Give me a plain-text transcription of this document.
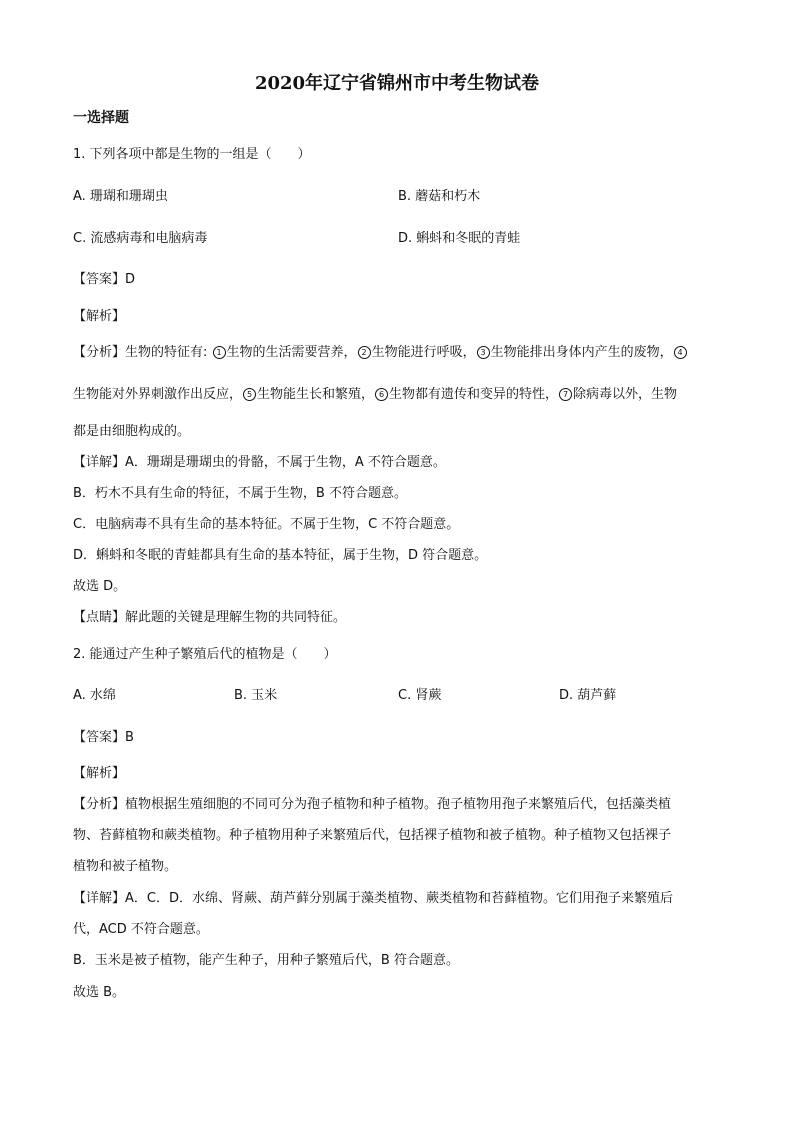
2020年辽宁省锦州市中考生物试卷
一选择题
1. 下列各项中都是生物的一组是（　　）
A. 珊瑚和珊瑚虫	B. 蘑菇和朽木
C. 流感病毒和电脑病毒	D. 蝌蚪和冬眠的青蛙
【答案】D
【解析】
【分析】生物的特征有: 1 生物的生活需要营养， 2 生物能进行呼吸， 3 生物能排出身体内产生的废物， 4
生物能对外界刺激作出反应， 5 生物能生长和繁殖， 6 生物都有遗传和变异的特性， 7 除病毒以外，生物
都是由细胞构成的。
【详解】A．珊瑚是珊瑚虫的骨骼，不属于生物，A 不符合题意。
B．朽木不具有生命的特征，不属于生物，B 不符合题意。
C．电脑病毒不具有生命的基本特征。不属于生物，C 不符合题意。
D．蝌蚪和冬眠的青蛙都具有生命的基本特征，属于生物，D 符合题意。
故选 D。
【点睛】解此题的关键是理解生物的共同特征。
2. 能通过产生种子繁殖后代的植物是（　　）
A. 水绵	B. 玉米	C. 肾蕨	D. 葫芦藓
【答案】B
【解析】
【分析】植物根据生殖细胞的不同可分为孢子植物和种子植物。孢子植物用孢子来繁殖后代，包括藻类植
物、苔藓植物和蕨类植物。种子植物用种子来繁殖后代，包括裸子植物和被子植物。种子植物又包括裸子
植物和被子植物。
【详解】A．C．D．水绵、肾蕨、葫芦藓分别属于藻类植物、蕨类植物和苔藓植物。它们用孢子来繁殖后
代，ACD 不符合题意。
B．玉米是被子植物，能产生种子，用种子繁殖后代，B 符合题意。
故选 B。
